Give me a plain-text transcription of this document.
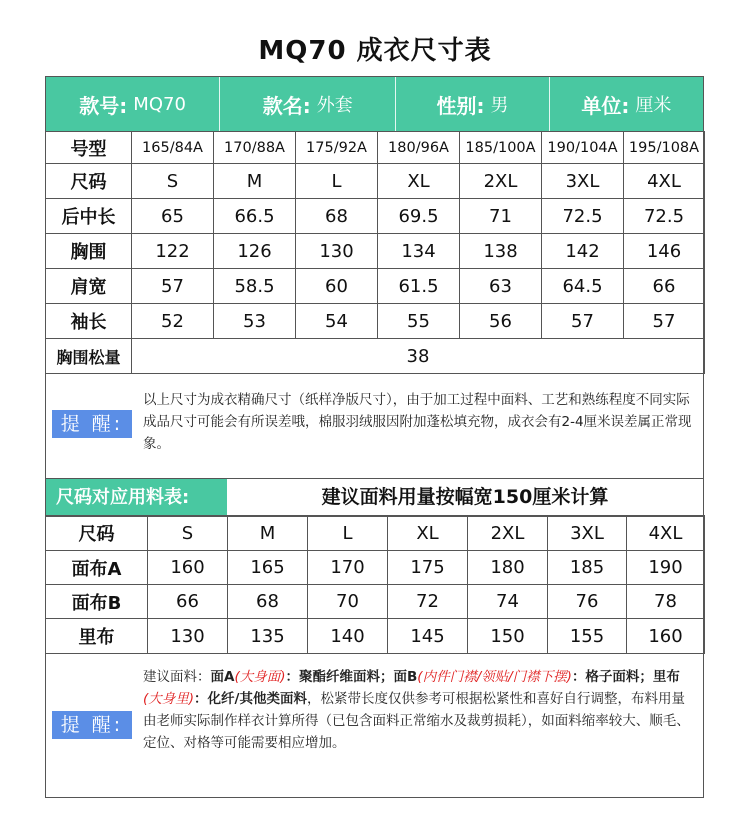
MQ70 成衣尺寸表
款号: MQ70	款名: 外套	性别: 男	单位: 厘米
号型	165/84A	170/88A	175/92A	180/96A	185/100A	190/104A	195/108A
尺码	S	M	L	XL	2XL	3XL	4XL
后中长	65	66.5	68	69.5	71	72.5	72.5
胸围	122	126	130	134	138	142	146
肩宽	57	58.5	60	61.5	63	64.5	66
袖长	52	53	54	55	56	57	57
胸围松量	38						
提 醒:
以上尺寸为成衣精确尺寸（纸样净版尺寸），由于加工过程中面料、工艺和熟练程度不同实际成品尺寸可能会有所误差哦，棉服羽绒服因附加蓬松填充物，成衣会有2-4厘米误差属正常现象。
尺码对应用料表:	建议面料用量按幅宽150厘米计算
尺码	S	M	L	XL	2XL	3XL	4XL
面布A	160	165	170	175	180	185	190
面布B	66	68	70	72	74	76	78
里布	130	135	140	145	150	155	160
提 醒:
建议面料：面A(大身面)：聚酯纤维面料；面B(内件门襟/领贴/门襟下摆)：格子面料；里布(大身里)：化纤/其他类面料，松紧带长度仅供参考可根据松紧性和喜好自行调整，布料用量由老师实际制作样衣计算所得（已包含面料正常缩水及裁剪损耗），如面料缩率较大、顺毛、定位、对格等可能需要相应增加。
